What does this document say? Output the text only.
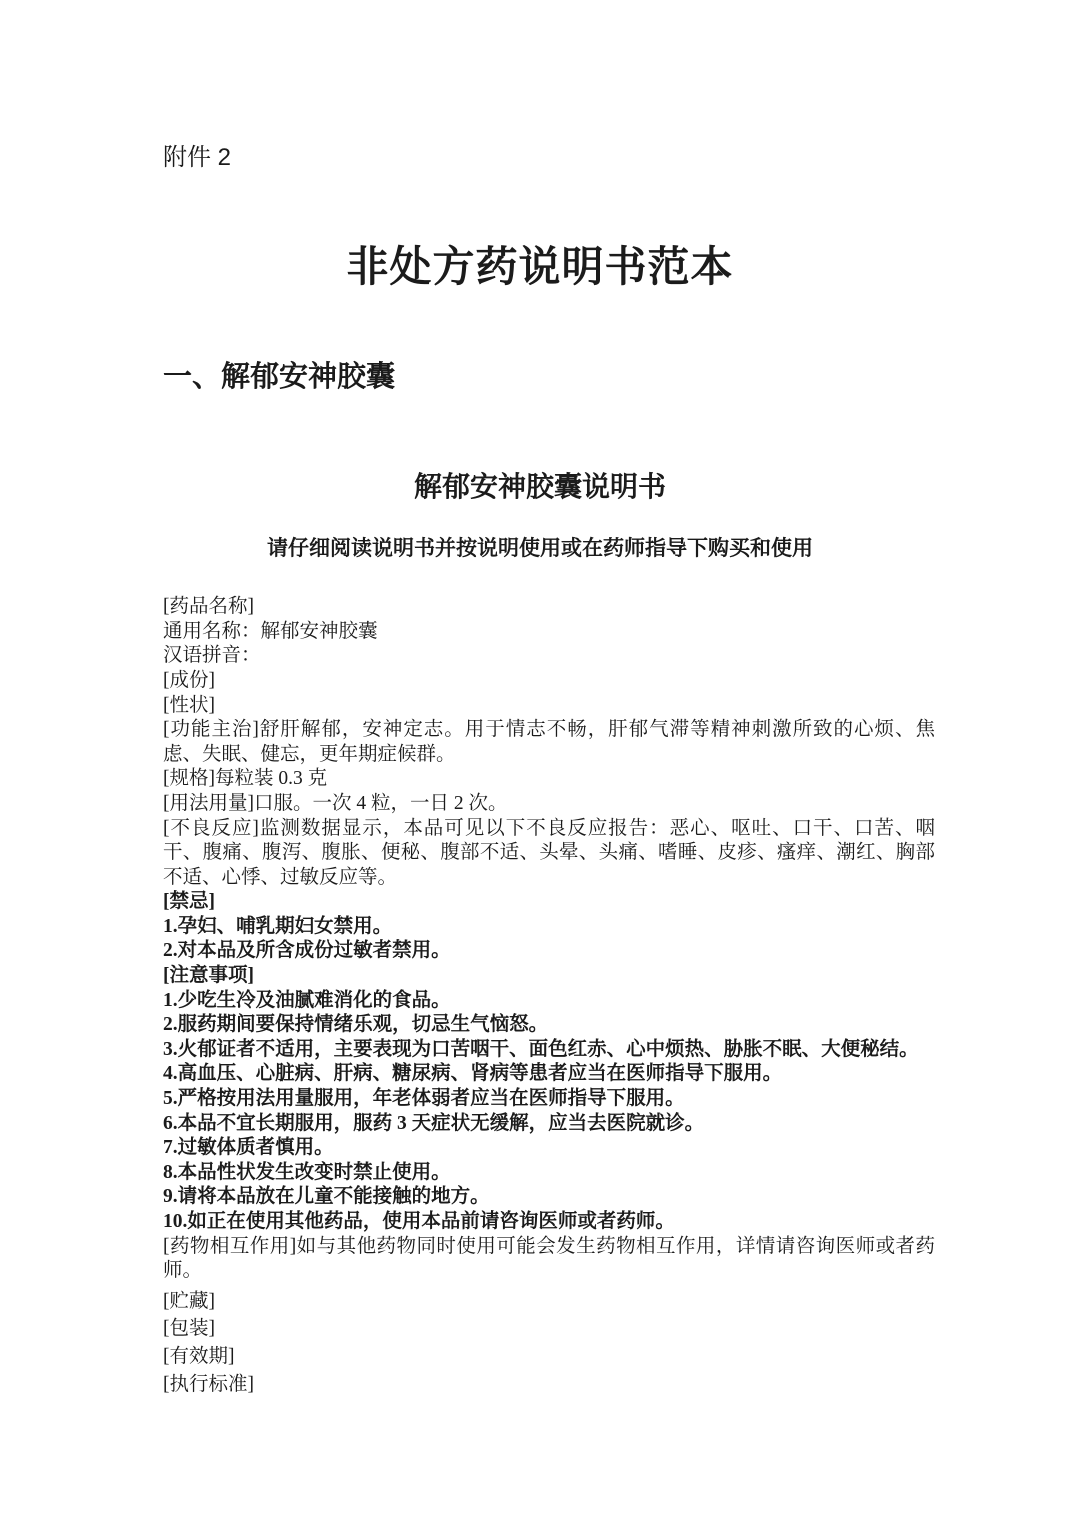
附件 2
非处方药说明书范本
一、解郁安神胶囊
解郁安神胶囊说明书
请仔细阅读说明书并按说明使用或在药师指导下购买和使用

[药品名称]

通用名称：解郁安神胶囊

汉语拼音：

[成份]

[性状]

[功能主治]舒肝解郁，安神定志。用于情志不畅，肝郁气滞等精神刺激所致的心烦、焦虑、失眠、健忘，更年期症候群。

[规格]每粒装 0.3 克

[用法用量]口服。一次 4 粒，一日 2 次。

[不良反应]监测数据显示，本品可见以下不良反应报告：恶心、呕吐、口干、口苦、咽干、腹痛、腹泻、腹胀、便秘、腹部不适、头晕、头痛、嗜睡、皮疹、瘙痒、潮红、胸部不适、心悸、过敏反应等。

[禁忌]

1.孕妇、哺乳期妇女禁用。

2.对本品及所含成份过敏者禁用。

[注意事项]

1.少吃生冷及油腻难消化的食品。

2.服药期间要保持情绪乐观，切忌生气恼怒。

3.火郁证者不适用，主要表现为口苦咽干、面色红赤、心中烦热、胁胀不眠、大便秘结。

4.高血压、心脏病、肝病、糖尿病、肾病等患者应当在医师指导下服用。

5.严格按用法用量服用，年老体弱者应当在医师指导下服用。

6.本品不宜长期服用，服药 3 天症状无缓解，应当去医院就诊。

7.过敏体质者慎用。

8.本品性状发生改变时禁止使用。

9.请将本品放在儿童不能接触的地方。

10.如正在使用其他药品，使用本品前请咨询医师或者药师。

[药物相互作用]如与其他药物同时使用可能会发生药物相互作用，详情请咨询医师或者药师。

[贮藏]

[包装]

[有效期]

[执行标准]
